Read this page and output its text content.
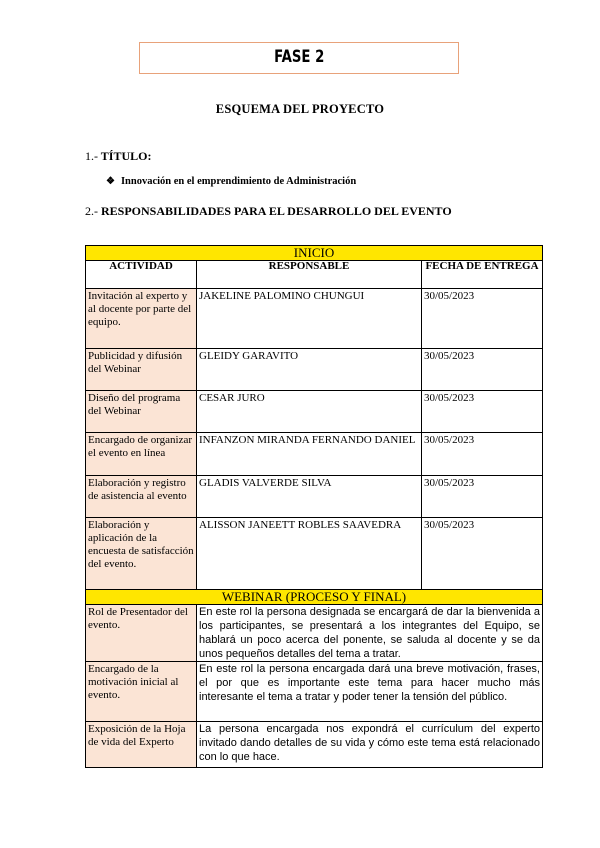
FASE 2
ESQUEMA DEL PROYECTO
1.- TÍTULO:
❖ Innovación en el emprendimiento de Administración
2.- RESPONSABILIDADES PARA EL DESARROLLO DEL EVENTO
INICIO		
ACTIVIDAD	RESPONSABLE	FECHA DE ENTREGA
Invitación al experto y al docente por parte del equipo.	JAKELINE PALOMINO CHUNGUI	30/05/2023
Publicidad y difusión del Webinar	GLEIDY GARAVITO	30/05/2023
Diseño del programa del Webinar	CESAR JURO	30/05/2023
Encargado de organizar el evento en línea	INFANZON MIRANDA FERNANDO DANIEL	30/05/2023
Elaboración y registro de asistencia al evento	GLADIS VALVERDE SILVA	30/05/2023
Elaboración y aplicación de la encuesta de satisfacción del evento.	ALISSON JANEETT ROBLES SAAVEDRA	30/05/2023
WEBINAR (PROCESO Y FINAL)		
Rol de Presentador del evento.	En este rol la persona designada se encargará de dar la bienvenida a los participantes, se presentará a los integrantes del Equipo, se hablará un poco acerca del ponente, se saluda al docente y se da unos pequeños detalles del tema a tratar.	
Encargado de la motivación inicial al evento.	En este rol la persona encargada dará una breve motivación, frases, el por que es importante este tema para hacer mucho más interesante el tema a tratar y poder tener la tensión del público.	
Exposición de la Hoja de vida del Experto	La persona encargada nos expondrá el currículum del experto invitado dando detalles de su vida y cómo este tema está relacionado con lo que hace.	
